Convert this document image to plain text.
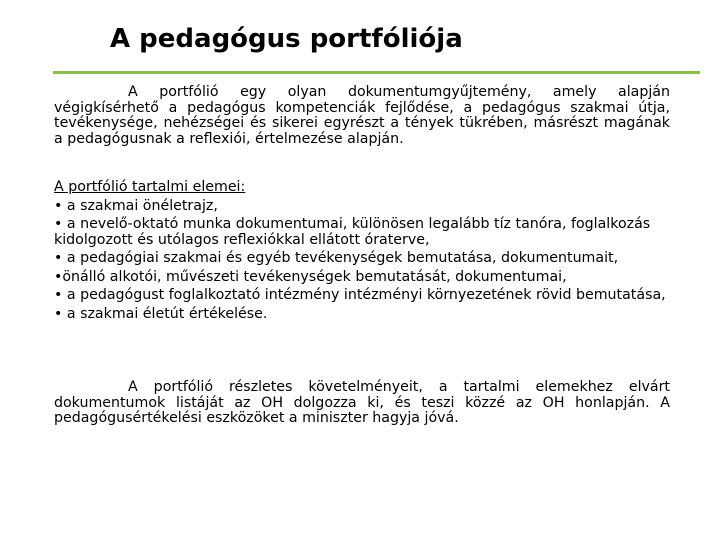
A pedagógus portfóliója

A portfólió egy olyan dokumentumgyűjtemény, amely alapján végigkísérhető a pedagógus kompetenciák fejlődése, a pedagógus szakmai útja, tevékenysége, nehézségei és sikerei egyrészt a tények tükrében, másrészt magának a pedagógusnak a reflexiói, értelmezése alapján.

A portfólió tartalmi elemei:

• a szakmai önéletrajz,
• a nevelő-oktató munka dokumentumai, különösen legalább tíz tanóra, foglalkozás kidolgozott és utólagos reflexiókkal ellátott óraterve,
• a pedagógiai szakmai és egyéb tevékenységek bemutatása, dokumentumait,
•önálló alkotói, művészeti tevékenységek bemutatását, dokumentumai,
• a pedagógust foglalkoztató intézmény intézményi környezetének rövid bemutatása,
• a szakmai életút értékelése.

A portfólió részletes követelményeit, a tartalmi elemekhez elvárt dokumentumok listáját az OH dolgozza ki, és teszi közzé az OH honlapján. A pedagógusértékelési eszközöket a miniszter hagyja jóvá.
